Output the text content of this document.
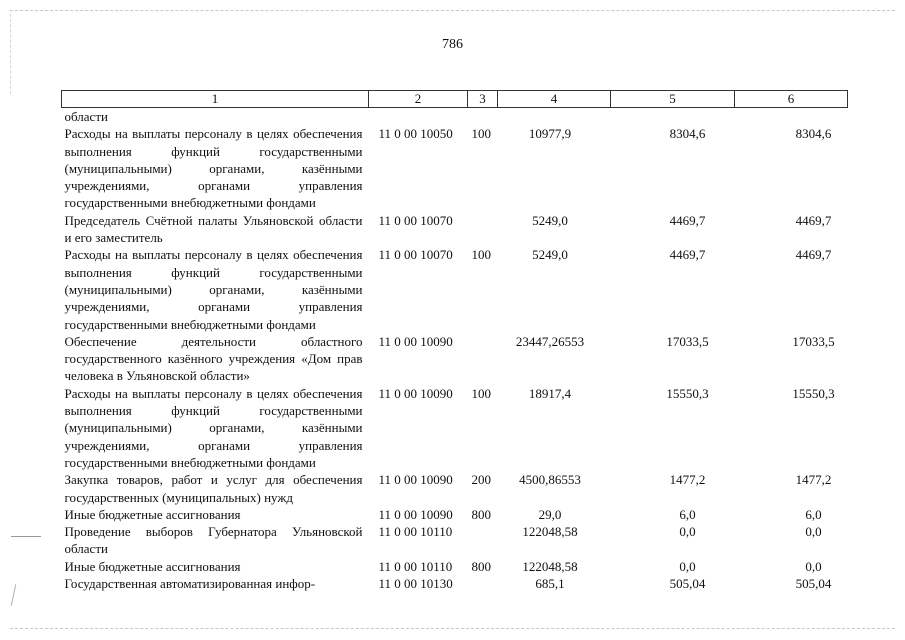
786
1	2	3	4	5	6
области					
Расходы на выплаты персоналу в целях обеспечения выполнения функций государственными (муниципальными) органами, казёнными учреждениями, органами управления государственными внебюджетными фондами	11 0 00 10050	100	10977,9	8304,6	8304,6
Председатель Счётной палаты Ульяновской области и его заместитель	11 0 00 10070		5249,0	4469,7	4469,7
Расходы на выплаты персоналу в целях обеспечения выполнения функций государственными (муниципальными) органами, казёнными учреждениями, органами управления государственными внебюджетными фондами	11 0 00 10070	100	5249,0	4469,7	4469,7
Обеспечение деятельности областного государственного казённого учреждения «Дом прав человека в Ульяновской области»	11 0 00 10090		23447,26553	17033,5	17033,5
Расходы на выплаты персоналу в целях обеспечения выполнения функций государственными (муниципальными) органами, казёнными учреждениями, органами управления государственными внебюджетными фондами	11 0 00 10090	100	18917,4	15550,3	15550,3
Закупка товаров, работ и услуг для обеспечения государственных (муниципальных) нужд	11 0 00 10090	200	4500,86553	1477,2	1477,2
Иные бюджетные ассигнования	11 0 00 10090	800	29,0	6,0	6,0
Проведение выборов Губернатора Ульяновской области	11 0 00 10110		122048,58	0,0	0,0
Иные бюджетные ассигнования	11 0 00 10110	800	122048,58	0,0	0,0
Государственная автоматизированная инфор-	11 0 00 10130		685,1	505,04	505,04
